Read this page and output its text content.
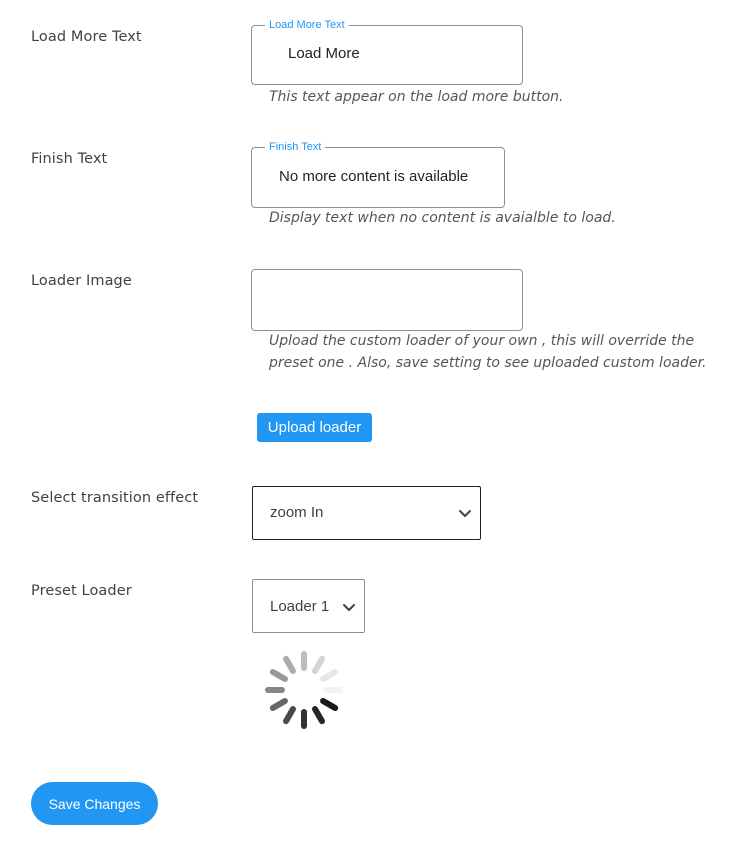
Load More Text
Load More Text
Load More
This text appear on the load more button.
Finish Text
Finish Text
No more content is available
Display text when no content is avaialble to load.
Loader Image
Upload the custom loader of your own , this will override the
preset one . Also, save setting to see uploaded custom loader.
Upload loader
Select transition effect
zoom In
Preset Loader
Loader 1
Save Changes
